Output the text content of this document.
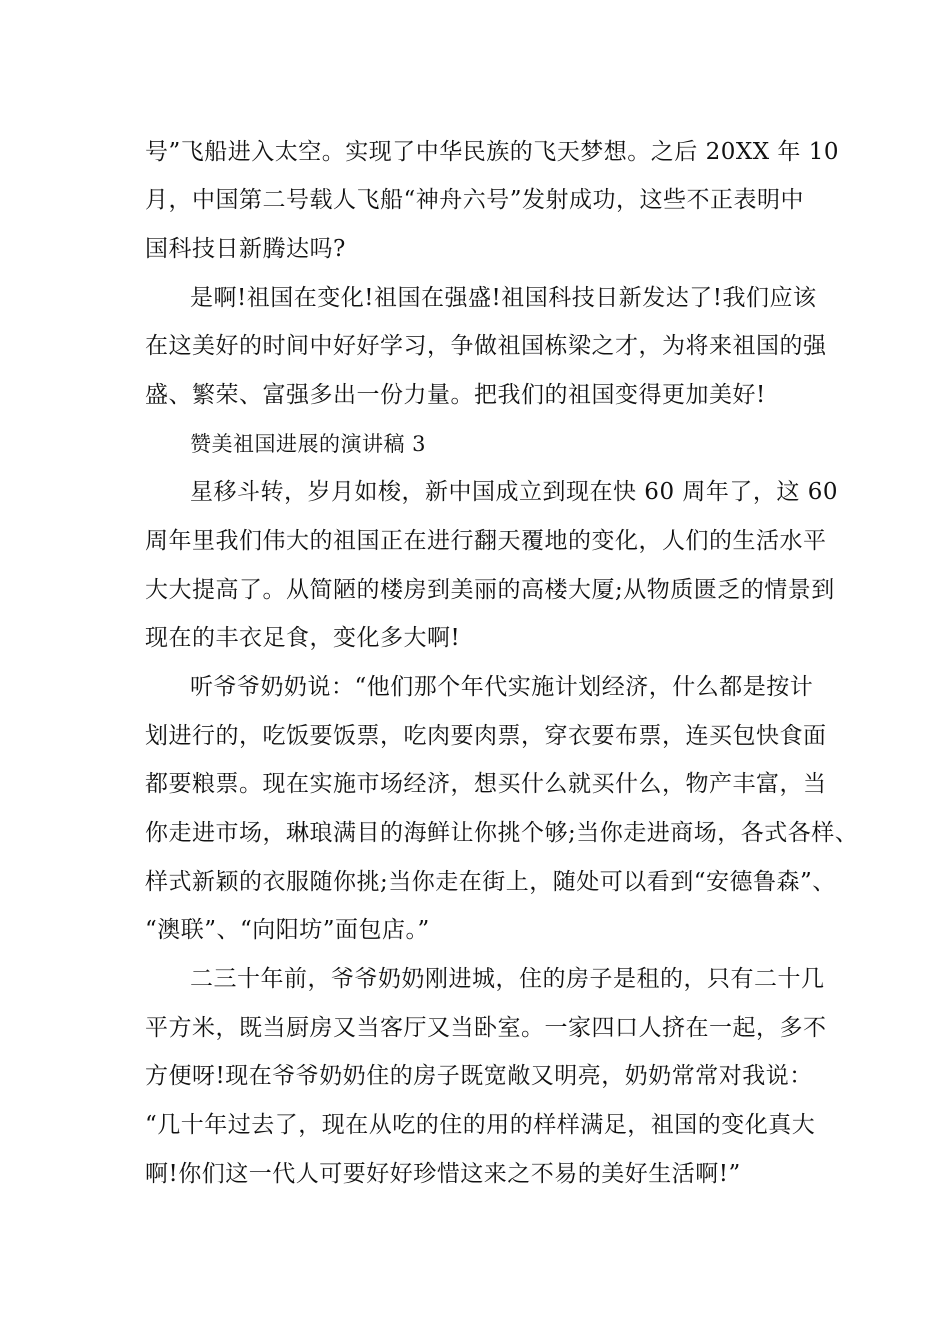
号”飞船进入太空。实现了中华民族的飞天梦想。之后 20XX 年 10
月，中国第二号载人飞船“神舟六号”发射成功，这些不正表明中
国科技日新腾达吗?
是啊!祖国在变化!祖国在强盛!祖国科技日新发达了!我们应该
在这美好的时间中好好学习，争做祖国栋梁之才，为将来祖国的强
盛、繁荣、富强多出一份力量。把我们的祖国变得更加美好!
赞美祖国进展的演讲稿 3
星移斗转，岁月如梭，新中国成立到现在快 60 周年了，这 60
周年里我们伟大的祖国正在进行翻天覆地的变化，人们的生活水平
大大提高了。从简陋的楼房到美丽的高楼大厦;从物质匮乏的情景到
现在的丰衣足食，变化多大啊!
听爷爷奶奶说：“他们那个年代实施计划经济，什么都是按计
划进行的，吃饭要饭票，吃肉要肉票，穿衣要布票，连买包快食面
都要粮票。现在实施市场经济，想买什么就买什么，物产丰富，当
你走进市场，琳琅满目的海鲜让你挑个够;当你走进商场，各式各样、
样式新颖的衣服随你挑;当你走在街上，随处可以看到“安德鲁森”、
“澳联”、“向阳坊”面包店。”
二三十年前，爷爷奶奶刚进城，住的房子是租的，只有二十几
平方米，既当厨房又当客厅又当卧室。一家四口人挤在一起，多不
方便呀!现在爷爷奶奶住的房子既宽敞又明亮，奶奶常常对我说：
“几十年过去了，现在从吃的住的用的样样满足，祖国的变化真大
啊!你们这一代人可要好好珍惜这来之不易的美好生活啊!”
